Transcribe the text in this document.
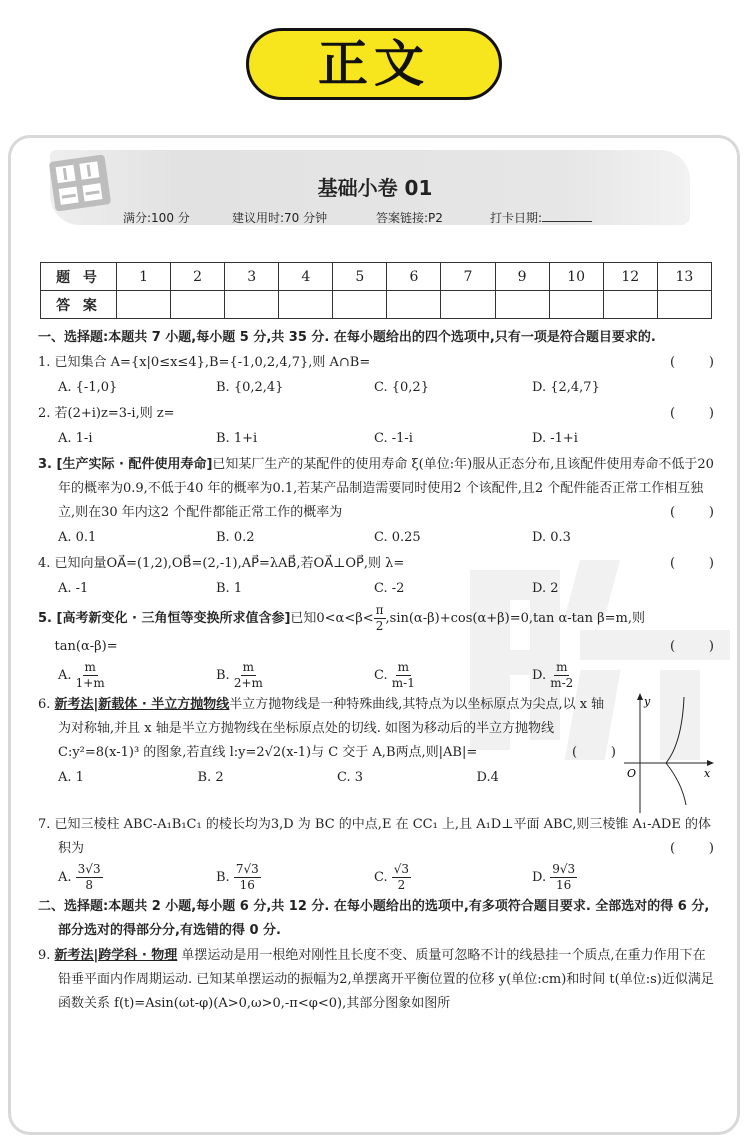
正文
基础小卷 01
满分:100 分	建议用时:70 分钟	答案链接:P2	打卡日期:
题 号	1	2	3	4	5	6	7	9	10	12	13
答 案											
一、选择题:本题共 7 小题,每小题 5 分,共 35 分. 在每小题给出的四个选项中,只有一项是符合题目要求的.
1. 已知集合 A={x|0≤x≤4},B={-1,0,2,4,7},则 A∩B=	(	)
A. {-1,0}	B. {0,2,4}	C. {0,2}	D. {2,4,7}
2. 若(2+i)z=3-i,则 z=	(	)
A. 1-i	B. 1+i	C. -1-i	D. -1+i
3. [生产实际 · 配件使用寿命]已知某厂生产的某配件的使用寿命 ξ(单位:年)服从正态分布,且该配件使用寿命不低于20 年的概率为0.9,不低于40 年的概率为0.1,若某产品制造需要同时使用2 个该配件,且2 个配件能否正常工作相互独立,则在30 年内这2 个配件都能正常工作的概率为	(	)
A. 0.1	B. 0.2	C. 0.25	D. 0.3
4. 已知向量OA⃗=(1,2),OB⃗=(2,-1),AP⃗=λAB⃗,若OA⃗⊥OP⃗,则 λ=	(	)
A. -1	B. 1	C. -2	D. 2
5. [高考新变化 · 三角恒等变换所求值含参]已知$0<\alpha<\beta< \frac{\pi}{2} ,\sin(\alpha-\beta)+\cos(\alpha+\beta)=0,\tan$ α-tan β=m,则
tan(α-β)=	(	)
A. $\frac{m}{1+m}$	B. $\frac{m}{2+m}$	C. $\frac{m}{m-1}$	D. $\frac{m}{m-2}$
y
x
O
6. 新考法|新载体 · 半立方抛物线半立方抛物线是一种特殊曲线,其特点为以坐标原点为尖点,以 x 轴为对称轴,并且 x 轴是半立方抛物线在坐标原点处的切线. 如图为移动后的半立方抛物线 C:y²=8(x-1)³ 的图象,若直线 l:y=2√2(x-1)与 C 交于 A,B两点,则|AB|=	(	)
A. 1	B. 2	C. 3	D.4
7. 已知三棱柱 ABC-A₁B₁C₁ 的棱长均为3,D 为 BC 的中点,E 在 CC₁ 上,且 A₁D⊥平面 ABC,则三棱锥 A₁-ADE 的体积为	(	)
A. $\frac{3√3}{8}$	B. $\frac{7√3}{16}$	C. $\frac{√3}{2}$	D. $\frac{9√3}{16}$
二、选择题:本题共 2 小题,每小题 6 分,共 12 分. 在每小题给出的选项中,有多项符合题目要求. 全部选对的得 6 分,部分选对的得部分分,有选错的得 0 分.
9. 新考法|跨学科 · 物理 单摆运动是用一根绝对刚性且长度不变、质量可忽略不计的线悬挂一个质点,在重力作用下在铅垂平面内作周期运动. 已知某单摆运动的振幅为2,单摆离开平衡位置的位移 y(单位:cm)和时间 t(单位:s)近似满足函数关系 f(t)=Asin(ωt-φ)(A>0,ω>0,-π<φ<0),其部分图象如图所
